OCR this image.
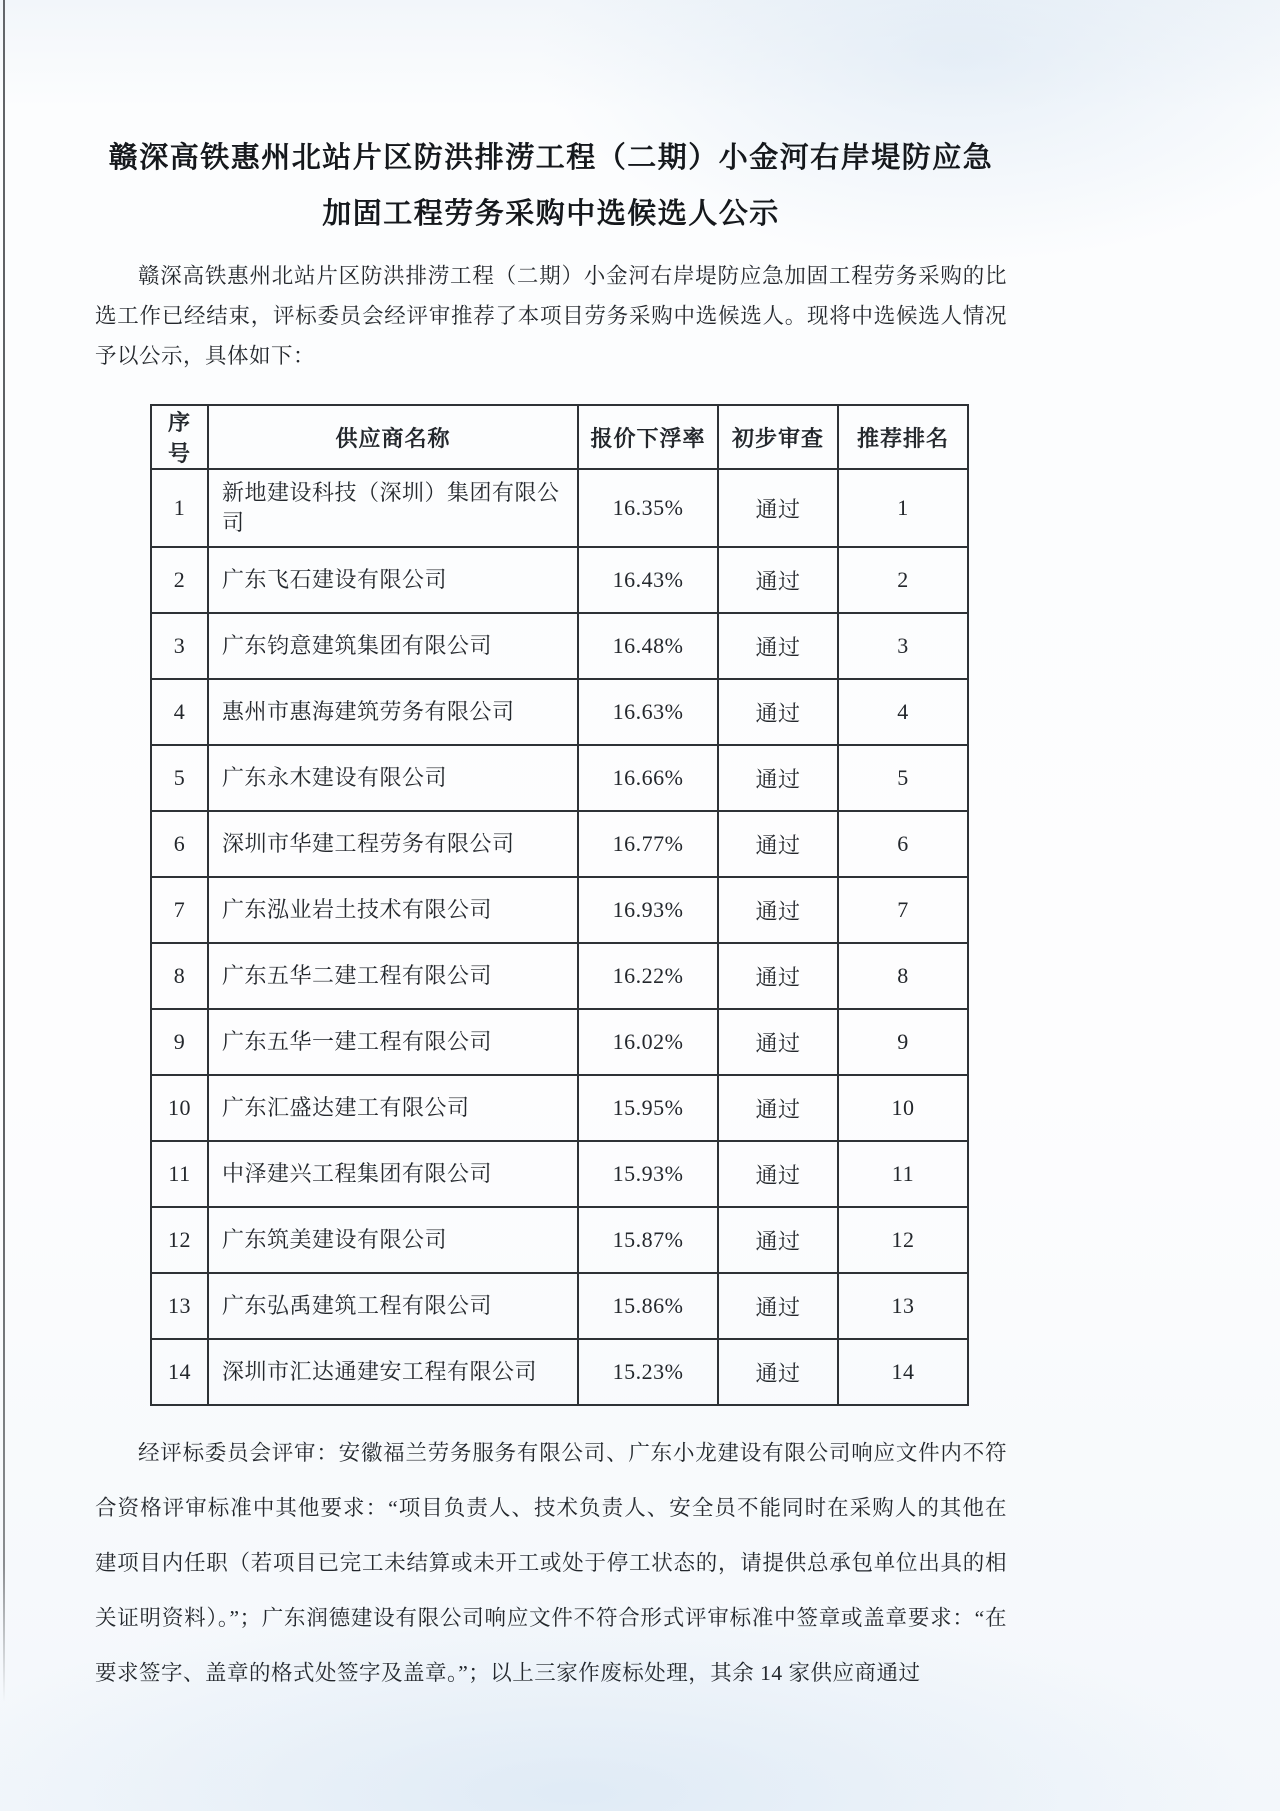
赣深高铁惠州北站片区防洪排涝工程（二期）小金河右岸堤防应急加固工程劳务采购中选候选人公示

赣深高铁惠州北站片区防洪排涝工程（二期）小金河右岸堤防应急加固工程劳务采购的比选工作已经结束，评标委员会经评审推荐了本项目劳务采购中选候选人。现将中选候选人情况予以公示，具体如下：

序号	供应商名称	报价下浮率	初步审查	推荐排名
1	新地建设科技（深圳）集团有限公司	16.35%	通过	1
2	广东飞石建设有限公司	16.43%	通过	2
3	广东钧意建筑集团有限公司	16.48%	通过	3
4	惠州市惠海建筑劳务有限公司	16.63%	通过	4
5	广东永木建设有限公司	16.66%	通过	5
6	深圳市华建工程劳务有限公司	16.77%	通过	6
7	广东泓业岩土技术有限公司	16.93%	通过	7
8	广东五华二建工程有限公司	16.22%	通过	8
9	广东五华一建工程有限公司	16.02%	通过	9
10	广东汇盛达建工有限公司	15.95%	通过	10
11	中泽建兴工程集团有限公司	15.93%	通过	11
12	广东筑美建设有限公司	15.87%	通过	12
13	广东弘禹建筑工程有限公司	15.86%	通过	13
14	深圳市汇达通建安工程有限公司	15.23%	通过	14

经评标委员会评审：安徽福兰劳务服务有限公司、广东小龙建设有限公司响应文件内不符合资格评审标准中其他要求：“项目负责人、技术负责人、安全员不能同时在采购人的其他在建项目内任职（若项目已完工未结算或未开工或处于停工状态的，请提供总承包单位出具的相关证明资料）。”；广东润德建设有限公司响应文件不符合形式评审标准中签章或盖章要求：“在要求签字、盖章的格式处签字及盖章。”；以上三家作废标处理，其余 14 家供应商通过
